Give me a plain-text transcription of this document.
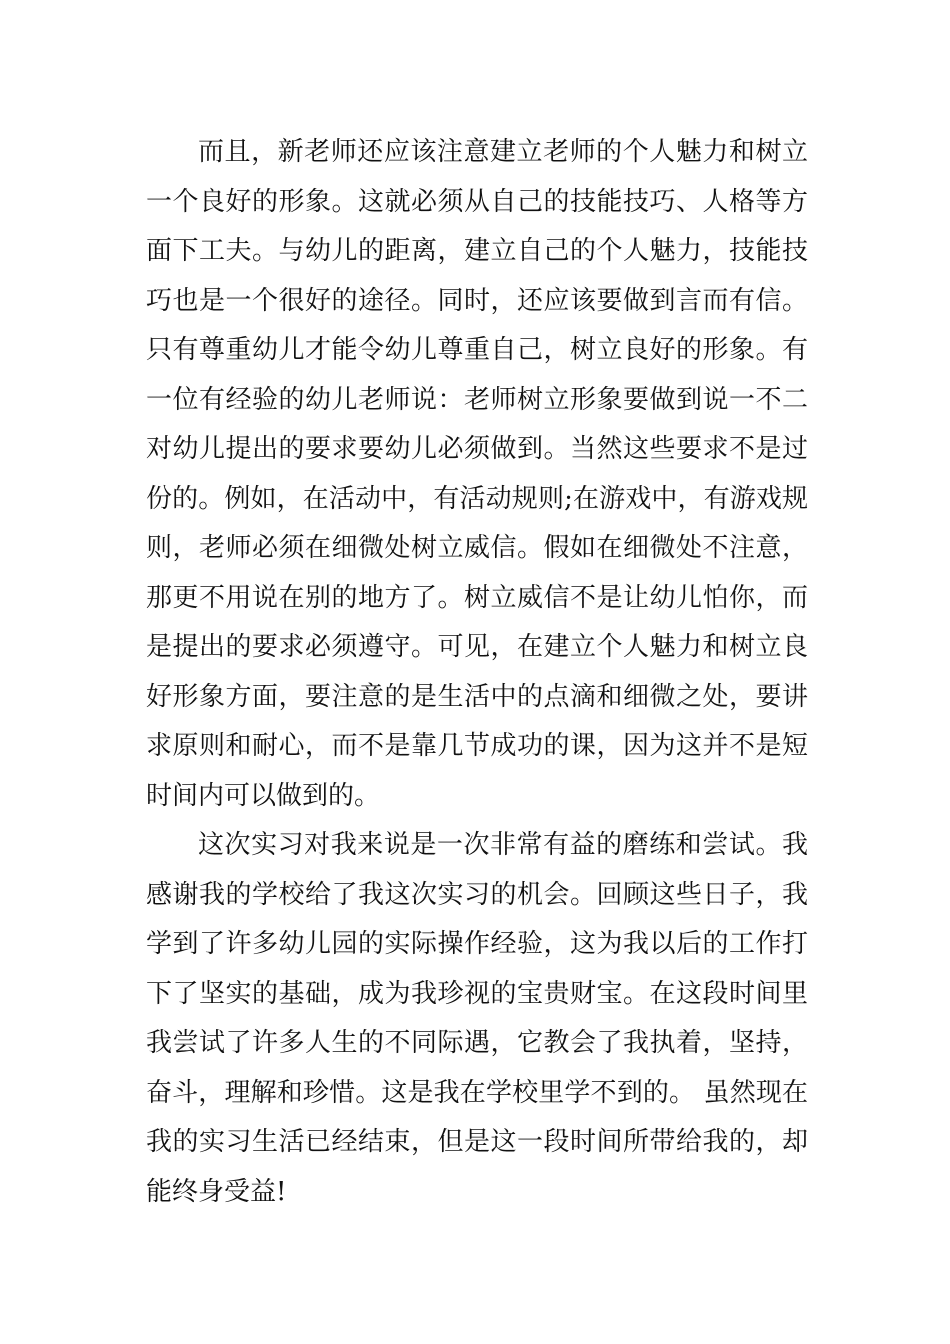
而且，新老师还应该注意建立老师的个人魅力和树立
一个良好的形象。这就必须从自己的技能技巧、人格等方
面下工夫。与幼儿的距离，建立自己的个人魅力，技能技
巧也是一个很好的途径。同时，还应该要做到言而有信。
只有尊重幼儿才能令幼儿尊重自己，树立良好的形象。有
一位有经验的幼儿老师说：老师树立形象要做到说一不二
对幼儿提出的要求要幼儿必须做到。当然这些要求不是过
份的。例如，在活动中，有活动规则;在游戏中，有游戏规
则，老师必须在细微处树立威信。假如在细微处不注意，
那更不用说在别的地方了。树立威信不是让幼儿怕你，而
是提出的要求必须遵守。可见，在建立个人魅力和树立良
好形象方面，要注意的是生活中的点滴和细微之处，要讲
求原则和耐心，而不是靠几节成功的课，因为这并不是短
时间内可以做到的。
这次实习对我来说是一次非常有益的磨练和尝试。我
感谢我的学校给了我这次实习的机会。回顾这些日子，我
学到了许多幼儿园的实际操作经验，这为我以后的工作打
下了坚实的基础，成为我珍视的宝贵财宝。在这段时间里
我尝试了许多人生的不同际遇，它教会了我执着，坚持，
奋斗，理解和珍惜。这是我在学校里学不到的。 虽然现在
我的实习生活已经结束，但是这一段时间所带给我的，却
能终身受益!
